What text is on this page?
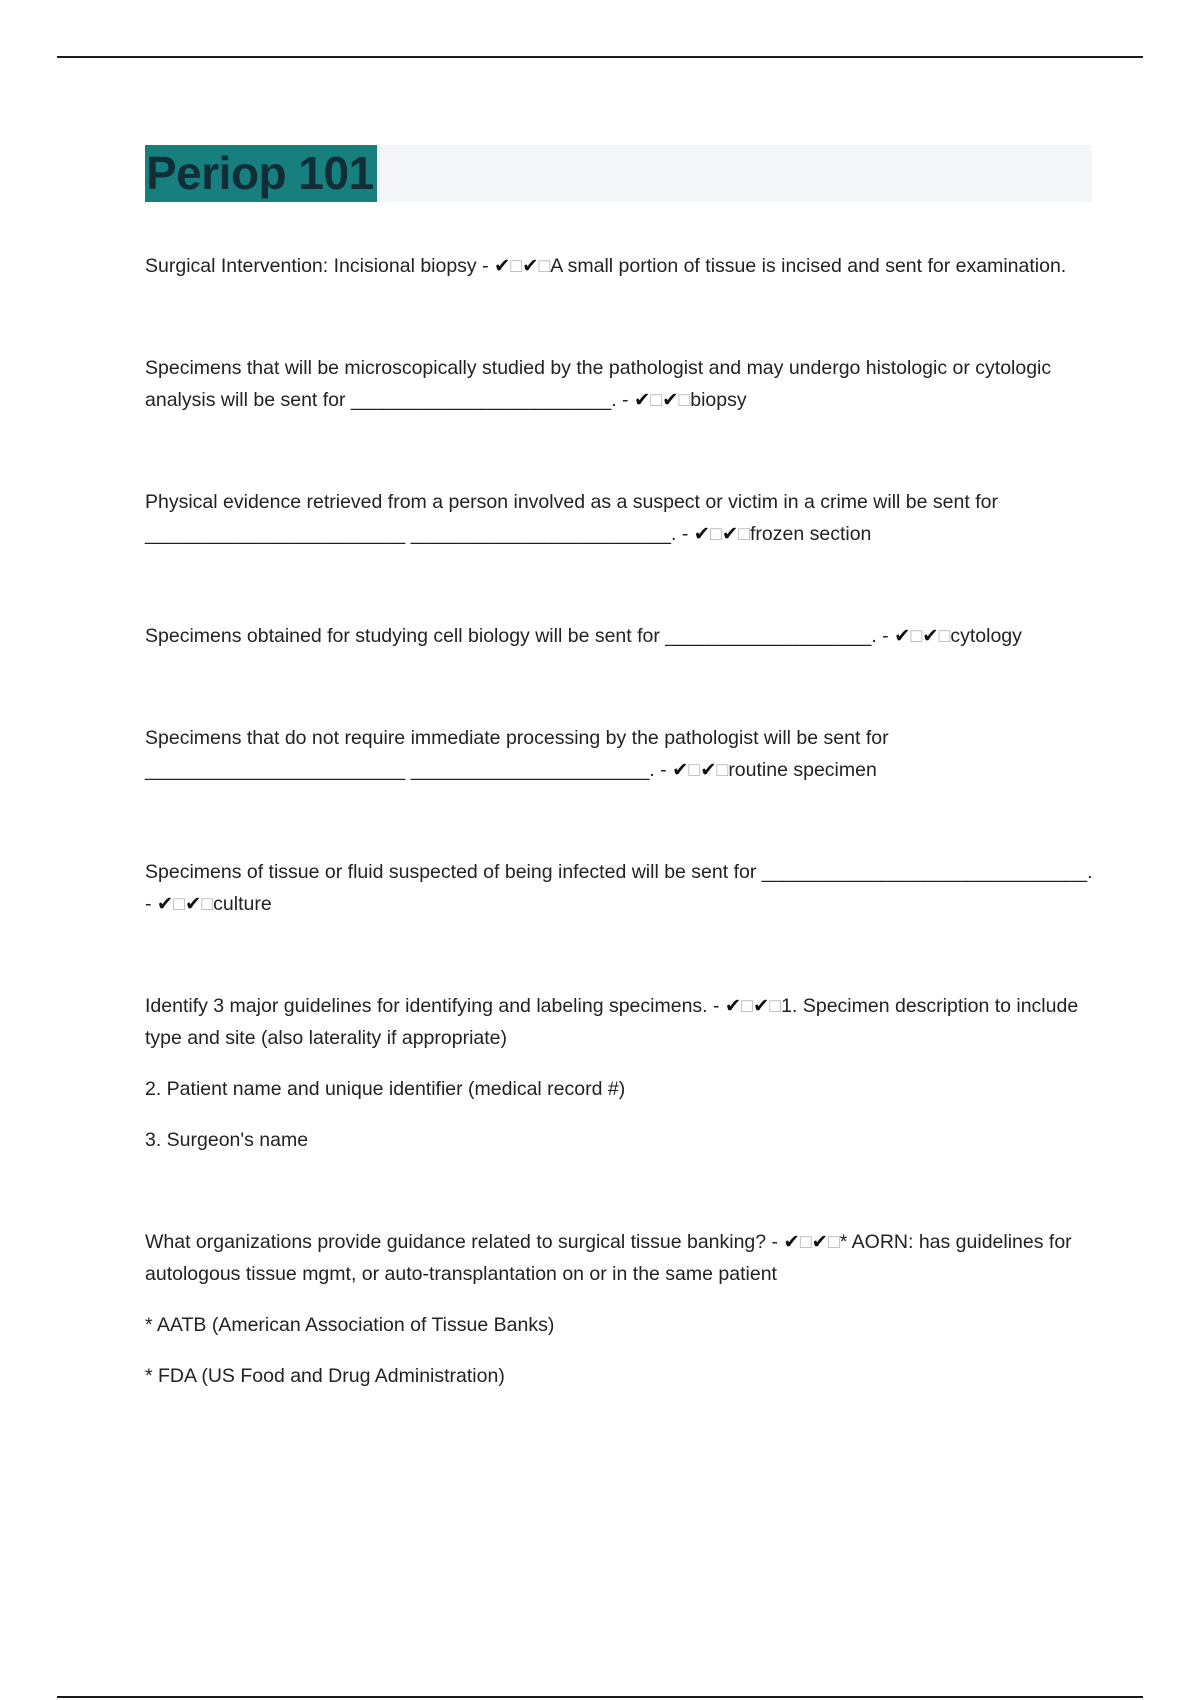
Periop 101

Surgical Intervention: Incisional biopsy - ✔□✔□A small portion of tissue is incised and sent for examination.

Specimens that will be microscopically studied by the pathologist and may undergo histologic or cytologic analysis will be sent for ________________________. - ✔□✔□biopsy

Physical evidence retrieved from a person involved as a suspect or victim in a crime will be sent for ________________________ ________________________. - ✔□✔□frozen section

Specimens obtained for studying cell biology will be sent for ___________________. - ✔□✔□cytology

Specimens that do not require immediate processing by the pathologist will be sent for ________________________ ______________________. - ✔□✔□routine specimen

Specimens of tissue or fluid suspected of being infected will be sent for ______________________________. - ✔□✔□culture

Identify 3 major guidelines for identifying and labeling specimens. - ✔□✔□1. Specimen description to include type and site (also laterality if appropriate)

2. Patient name and unique identifier (medical record #)

3. Surgeon's name

What organizations provide guidance related to surgical tissue banking? - ✔□✔□* AORN: has guidelines for autologous tissue mgmt, or auto-transplantation on or in the same patient

* AATB (American Association of Tissue Banks)

* FDA (US Food and Drug Administration)
